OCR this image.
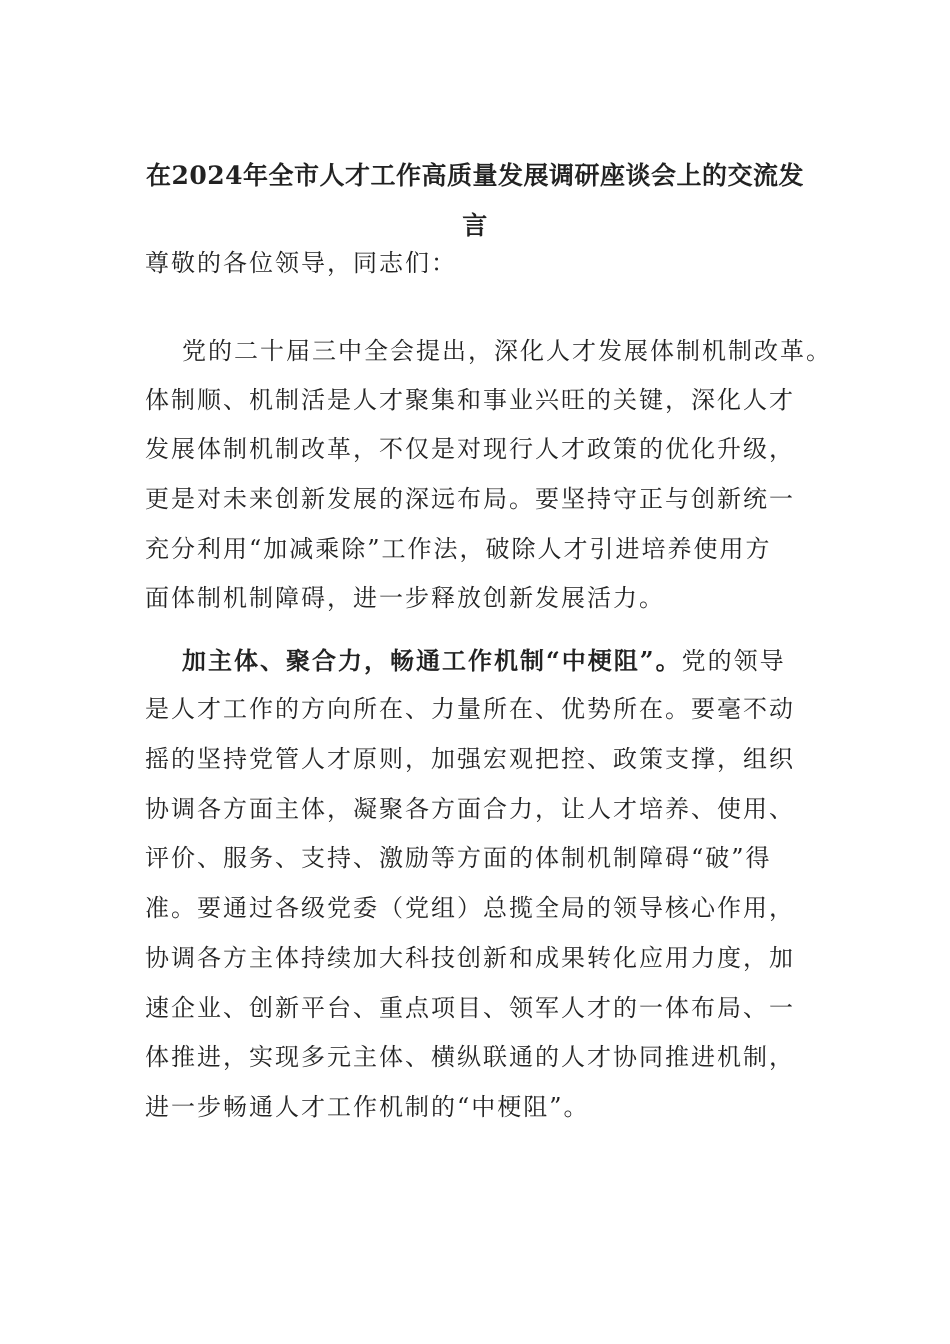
在2024年全市人才工作高质量发展调研座谈会上的交流发

言

尊敬的各位领导，同志们：

党的二十届三中全会提出，深化人才发展体制机制改革。

体制顺、机制活是人才聚集和事业兴旺的关键，深化人才

发展体制机制改革，不仅是对现行人才政策的优化升级，

更是对未来创新发展的深远布局。要坚持守正与创新统一

充分利用“加减乘除”工作法，破除人才引进培养使用方

面体制机制障碍，进一步释放创新发展活力。

加主体、聚合力，畅通工作机制“中梗阻”。党的领导

是人才工作的方向所在、力量所在、优势所在。要毫不动

摇的坚持党管人才原则，加强宏观把控、政策支撑，组织

协调各方面主体，凝聚各方面合力，让人才培养、使用、

评价、服务、支持、激励等方面的体制机制障碍“破”得

准。要通过各级党委（党组）总揽全局的领导核心作用，

协调各方主体持续加大科技创新和成果转化应用力度，加

速企业、创新平台、重点项目、领军人才的一体布局、一

体推进，实现多元主体、横纵联通的人才协同推进机制，

进一步畅通人才工作机制的“中梗阻”。
